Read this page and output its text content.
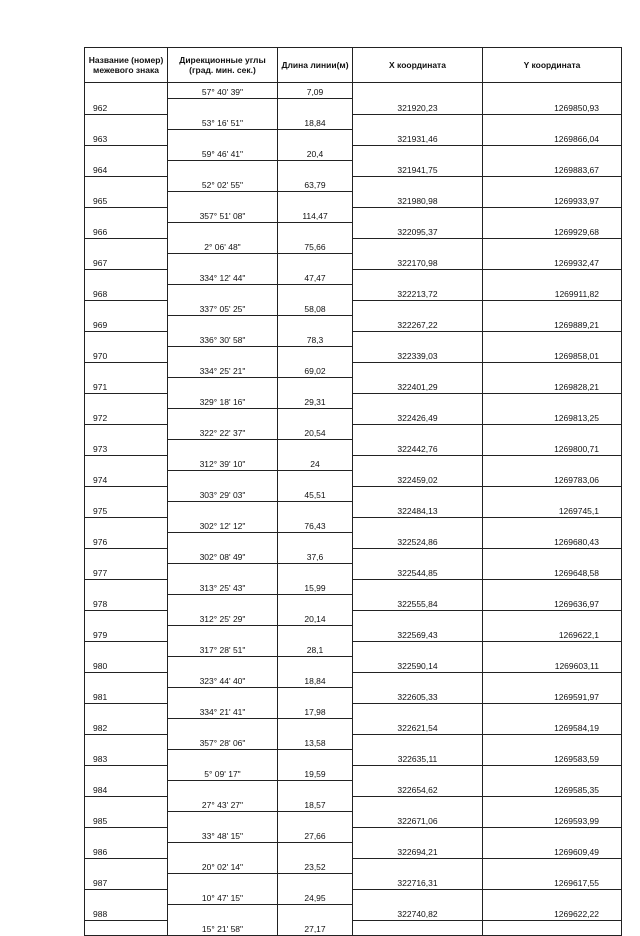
Название (номер) межевого знака	Дирекционные углы (град. мин. сек.)	Длина линии(м)	X координата	Y координата
	57° 40' 39"	7,09		
962			321920,23	1269850,93
	53° 16' 51"	18,84		
963			321931,46	1269866,04
	59° 46' 41"	20,4		
964			321941,75	1269883,67
	52° 02' 55"	63,79		
965			321980,98	1269933,97
	357° 51' 08"	114,47		
966			322095,37	1269929,68
	2° 06' 48"	75,66		
967			322170,98	1269932,47
	334° 12' 44"	47,47		
968			322213,72	1269911,82
	337° 05' 25"	58,08		
969			322267,22	1269889,21
	336° 30' 58"	78,3		
970			322339,03	1269858,01
	334° 25' 21"	69,02		
971			322401,29	1269828,21
	329° 18' 16"	29,31		
972			322426,49	1269813,25
	322° 22' 37"	20,54		
973			322442,76	1269800,71
	312° 39' 10"	24		
974			322459,02	1269783,06
	303° 29' 03"	45,51		
975			322484,13	1269745,1
	302° 12' 12"	76,43		
976			322524,86	1269680,43
	302° 08' 49"	37,6		
977			322544,85	1269648,58
	313° 25' 43"	15,99		
978			322555,84	1269636,97
	312° 25' 29"	20,14		
979			322569,43	1269622,1
	317° 28' 51"	28,1		
980			322590,14	1269603,11
	323° 44' 40"	18,84		
981			322605,33	1269591,97
	334° 21' 41"	17,98		
982			322621,54	1269584,19
	357° 28' 06"	13,58		
983			322635,11	1269583,59
	5° 09' 17"	19,59		
984			322654,62	1269585,35
	27° 43' 27"	18,57		
985			322671,06	1269593,99
	33° 48' 15"	27,66		
986			322694,21	1269609,49
	20° 02' 14"	23,52		
987			322716,31	1269617,55
	10° 47' 15"	24,95		
988			322740,82	1269622,22
	15° 21' 58"	27,17		
